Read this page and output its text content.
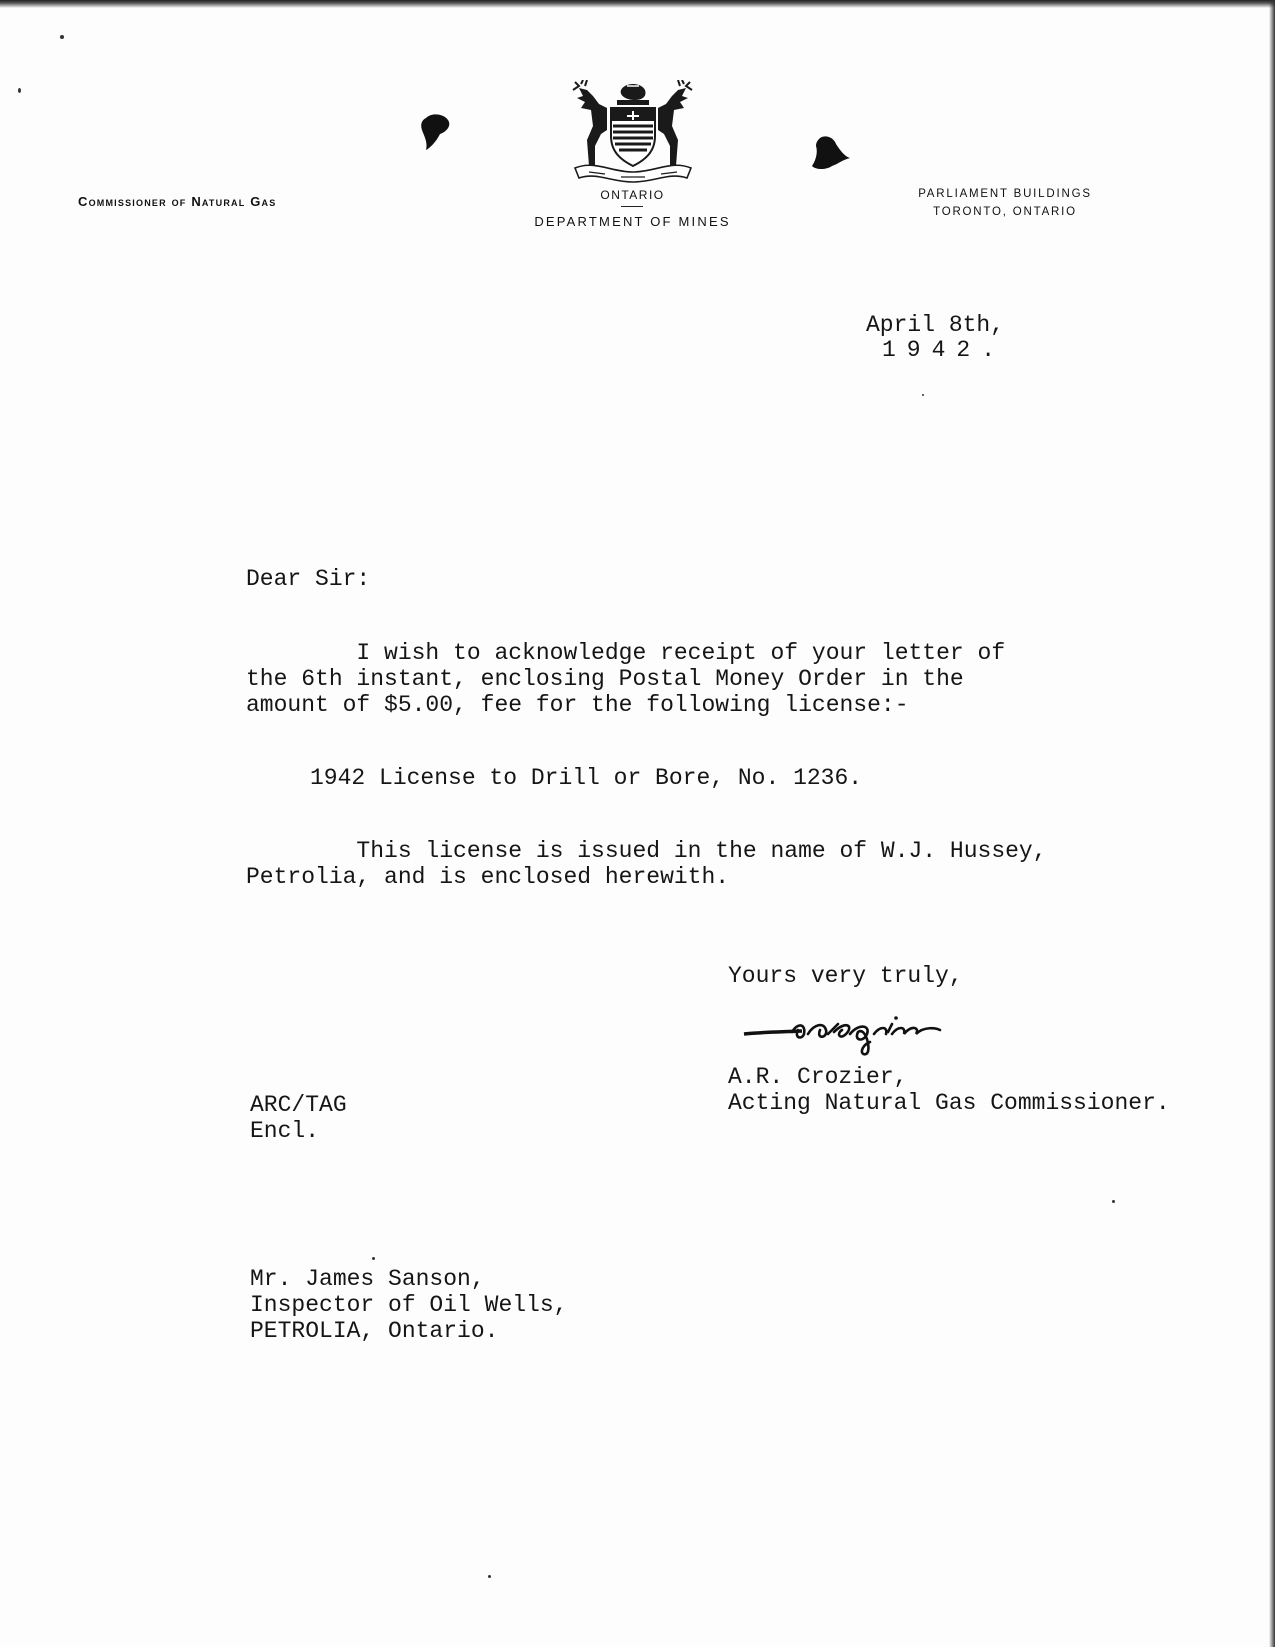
Commissioner of Natural Gas	ONTARIO
DEPARTMENT OF MINES
PARLIAMENT BUILDINGS
TORONTO, ONTARIO
April 8th,
1942.
Dear Sir:
I wish to acknowledge receipt of your letter of
the 6th instant, enclosing Postal Money Order in the
amount of $5.00, fee for the following license:-
1942 License to Drill or Bore, No. 1236.
This license is issued in the name of W.J. Hussey,
Petrolia, and is enclosed herewith.
Yours very truly,
A.R. Crozier,
Acting Natural Gas Commissioner.
ARC/TAG
Encl.
Mr. James Sanson,
Inspector of Oil Wells,
PETROLIA, Ontario.
